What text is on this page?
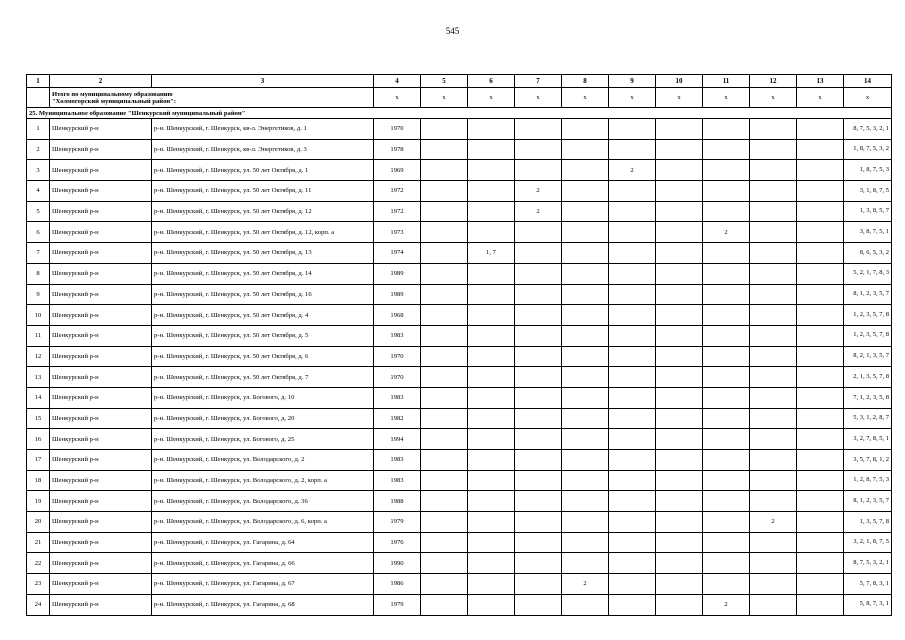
545
1	2	3	4	5	6	7	8	9	10	11	12	13	14

	Итого по муниципальному образованию
"Холмогорский муниципальный район":		x	x	x	x	x	x	x	x	x	x	x
25. Муниципальное образование "Шенкурский муниципальный район"													
1	Шенкурский р-н	р-н. Шенкурский, г. Шенкурск, кв-л. Энергетиков, д. 1	1970										8, 7, 5, 3, 2, 1
2	Шенкурский р-н	р-н. Шенкурский, г. Шенкурск, кв-л. Энергетиков, д. 3	1978										1, 8, 7, 5, 3, 2
3	Шенкурский р-н	р-н. Шенкурский, г. Шенкурск, ул. 50 лет Октября, д. 1	1969					2					1, 8, 7, 5, 3
4	Шенкурский р-н	р-н. Шенкурский, г. Шенкурск, ул. 50 лет Октября, д. 11	1972			2							3, 1, 8, 7, 5
5	Шенкурский р-н	р-н. Шенкурский, г. Шенкурск, ул. 50 лет Октября, д. 12	1972			2							1, 3, 8, 5, 7
6	Шенкурский р-н	р-н. Шенкурский, г. Шенкурск, ул. 50 лет Октября, д. 12, корп. а	1973							2			3, 8, 7, 5, 1
7	Шенкурский р-н	р-н. Шенкурский, г. Шенкурск, ул. 50 лет Октября, д. 13	1974		1, 7								8, 6, 5, 3, 2
8	Шенкурский р-н	р-н. Шенкурский, г. Шенкурск, ул. 50 лет Октября, д. 14	1989										5, 2, 1, 7, 8, 3
9	Шенкурский р-н	р-н. Шенкурский, г. Шенкурск, ул. 50 лет Октября, д. 16	1989										8, 1, 2, 3, 5, 7
10	Шенкурский р-н	р-н. Шенкурский, г. Шенкурск, ул. 50 лет Октября, д. 4	1968										1, 2, 3, 5, 7, 8
11	Шенкурский р-н	р-н. Шенкурский, г. Шенкурск, ул. 50 лет Октября, д. 5	1983										1, 2, 3, 5, 7, 8
12	Шенкурский р-н	р-н. Шенкурский, г. Шенкурск, ул. 50 лет Октября, д. 6	1970										8, 2, 1, 3, 5, 7
13	Шенкурский р-н	р-н. Шенкурский, г. Шенкурск, ул. 50 лет Октября, д. 7	1970										2, 1, 3, 5, 7, 8
14	Шенкурский р-н	р-н. Шенкурский, г. Шенкурск, ул. Богового, д. 10	1983										7, 1, 2, 3, 5, 8
15	Шенкурский р-н	р-н. Шенкурский, г. Шенкурск, ул. Богового, д. 20	1982										5, 3, 1, 2, 8, 7
16	Шенкурский р-н	р-н. Шенкурский, г. Шенкурск, ул. Богового, д. 25	1994										3, 2, 7, 8, 5, 1
17	Шенкурский р-н	р-н. Шенкурский, г. Шенкурск, ул. Володарского, д. 2	1983										3, 5, 7, 8, 1, 2
18	Шенкурский р-н	р-н. Шенкурский, г. Шенкурск, ул. Володарского, д. 2, корп. а	1983										1, 2, 8, 7, 5, 3
19	Шенкурский р-н	р-н. Шенкурский, г. Шенкурск, ул. Володарского, д. 36	1988										8, 1, 2, 3, 5, 7
20	Шенкурский р-н	р-н. Шенкурский, г. Шенкурск, ул. Володарского, д. 6, корп. а	1979								2		1, 3, 5, 7, 8
21	Шенкурский р-н	р-н. Шенкурский, г. Шенкурск, ул. Гагарина, д. 64	1976										3, 2, 1, 8, 7, 5
22	Шенкурский р-н	р-н. Шенкурский, г. Шенкурск, ул. Гагарина, д. 66	1990										8, 7, 5, 3, 2, 1
23	Шенкурский р-н	р-н. Шенкурский, г. Шенкурск, ул. Гагарина, д. 67	1986				2						5, 7, 8, 3, 1
24	Шенкурский р-н	р-н. Шенкурский, г. Шенкурск, ул. Гагарина, д. 68	1979							2			5, 8, 7, 3, 1
